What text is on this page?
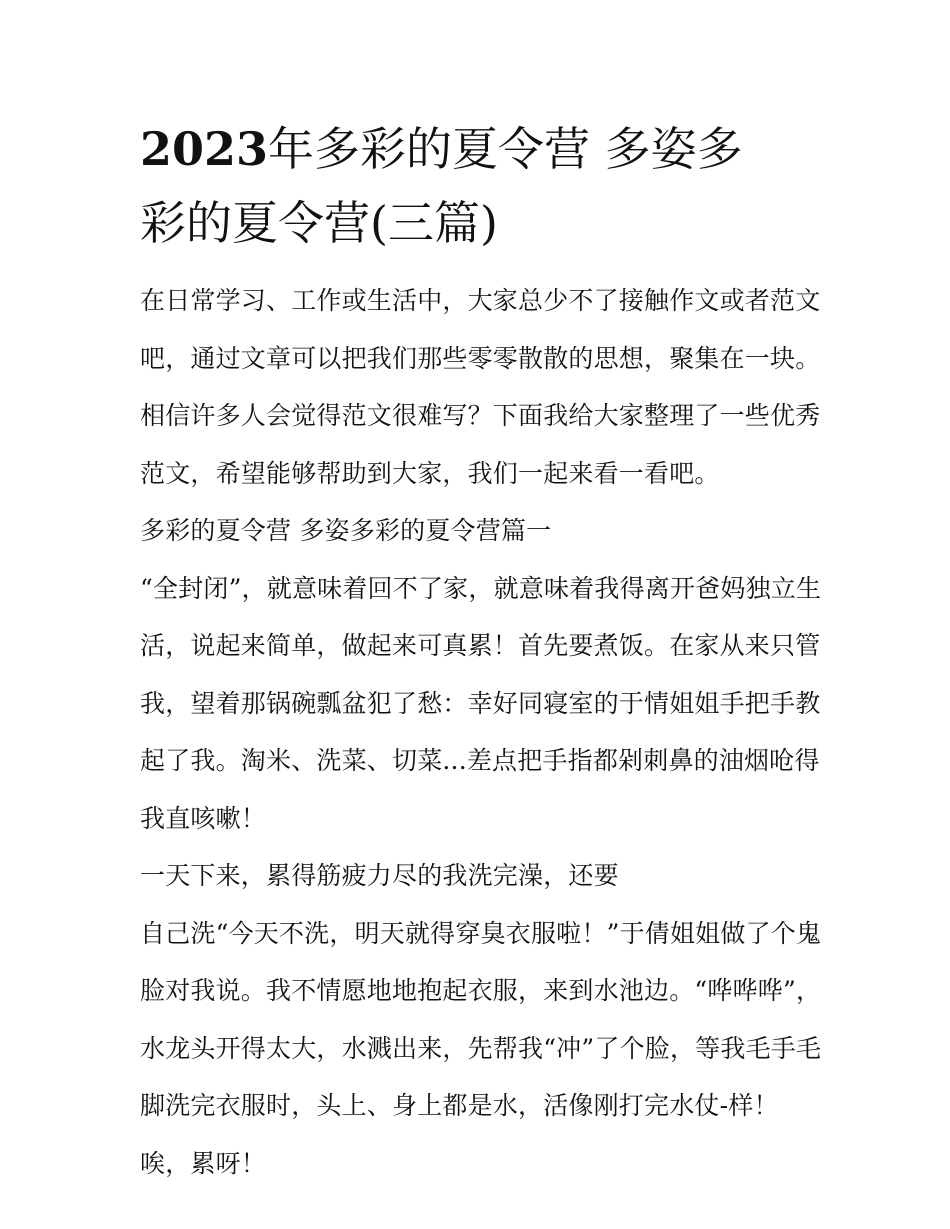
2023年多彩的夏令营 多姿多
彩的夏令营(三篇)
在日常学习、工作或生活中，大家总少不了接触作文或者范文
吧，通过文章可以把我们那些零零散散的思想，聚集在一块。
相信许多人会觉得范文很难写？下面我给大家整理了一些优秀
范文，希望能够帮助到大家，我们一起来看一看吧。
多彩的夏令营 多姿多彩的夏令营篇一
“全封闭”，就意味着回不了家，就意味着我得离开爸妈独立生
活，说起来简单，做起来可真累！首先要煮饭。在家从来只管
我，望着那锅碗瓢盆犯了愁：幸好同寝室的于情姐姐手把手教
起了我。淘米、洗菜、切菜...差点把手指都剁刺鼻的油烟呛得
我直咳嗽！
一天下来，累得筋疲力尽的我洗完澡，还要
自己洗“今天不洗，明天就得穿臭衣服啦！”于倩姐姐做了个鬼
脸对我说。我不情愿地地抱起衣服，来到水池边。“哗哗哗”，
水龙头开得太大，水溅出来，先帮我“冲”了个脸，等我毛手毛
脚洗完衣服时，头上、身上都是水，活像刚打完水仗-样！
唉，累呀！
